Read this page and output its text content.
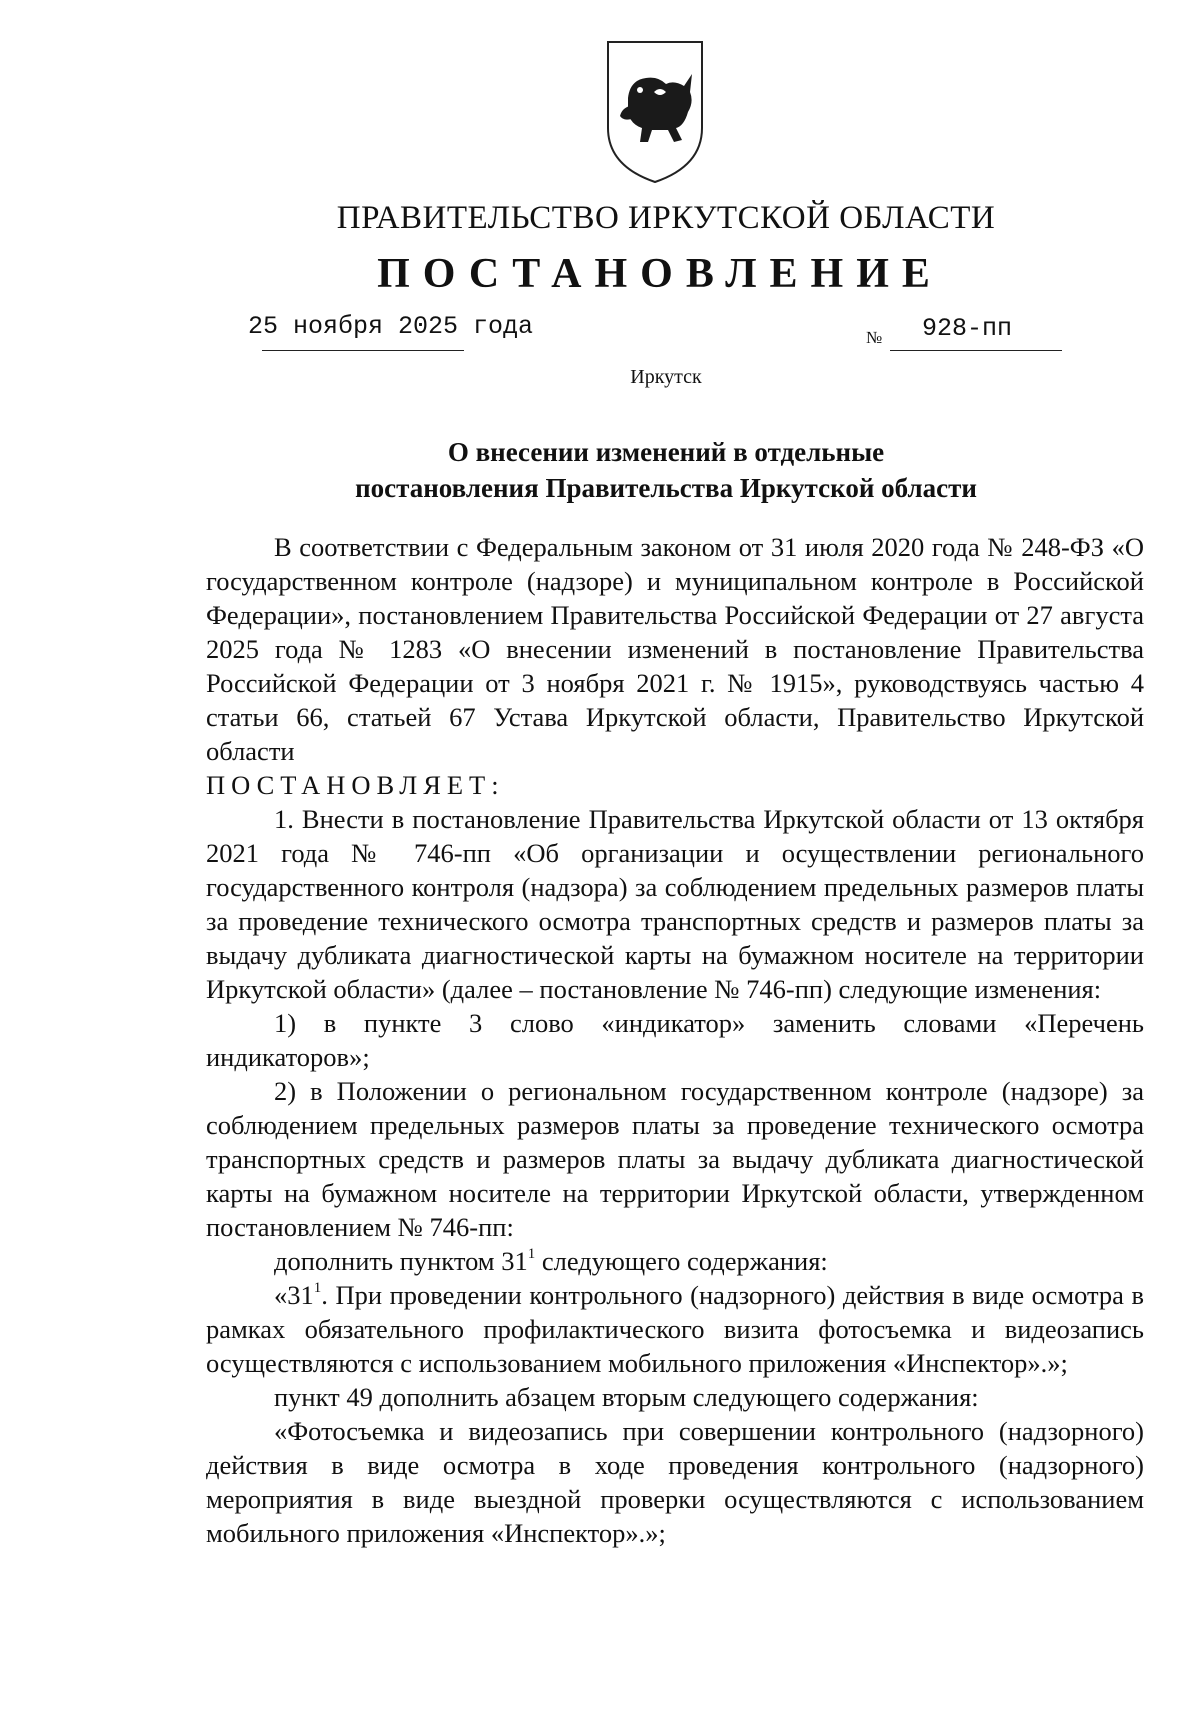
ПРАВИТЕЛЬСТВО ИРКУТСКОЙ ОБЛАСТИ
ПОСТАНОВЛЕНИЕ
25 ноября 2025 года	№ 928-пп
Иркутск
О внесении изменений в отдельные
постановления Правительства Иркутской области

В соответствии с Федеральным законом от 31 июля 2020 года № 248-ФЗ «О государственном контроле (надзоре) и муниципальном контроле в Российской Федерации», постановлением Правительства Российской Федерации от 27 августа 2025 года № 1283 «О внесении изменений в постановление Правительства Российской Федерации от 3 ноября 2021 г. № 1915», руководствуясь частью 4 статьи 66, статьей 67 Устава Иркутской области, Правительство Иркутской области

ПОСТАНОВЛЯЕТ:

1. Внести в постановление Правительства Иркутской области от 13 октября 2021 года № 746-пп «Об организации и осуществлении регионального государственного контроля (надзора) за соблюдением предельных размеров платы за проведение технического осмотра транспортных средств и размеров платы за выдачу дубликата диагностической карты на бумажном носителе на территории Иркутской области» (далее – постановление № 746-пп) следующие изменения:

1) в пункте 3 слово «индикатор» заменить словами «Перечень индикаторов»;

2) в Положении о региональном государственном контроле (надзоре) за соблюдением предельных размеров платы за проведение технического осмотра транспортных средств и размеров платы за выдачу дубликата диагностической карты на бумажном носителе на территории Иркутской области, утвержденном постановлением № 746-пп:

дополнить пунктом $31^1$ следующего содержания:

«$31^1$. При проведении контрольного (надзорного) действия в виде осмотра в рамках обязательного профилактического визита фотосъемка и видеозапись осуществляются с использованием мобильного приложения «Инспектор».»;

пункт 49 дополнить абзацем вторым следующего содержания:

«Фотосъемка и видеозапись при совершении контрольного (надзорного) действия в виде осмотра в ходе проведения контрольного (надзорного) мероприятия в виде выездной проверки осуществляются с использованием мобильного приложения «Инспектор».»;
